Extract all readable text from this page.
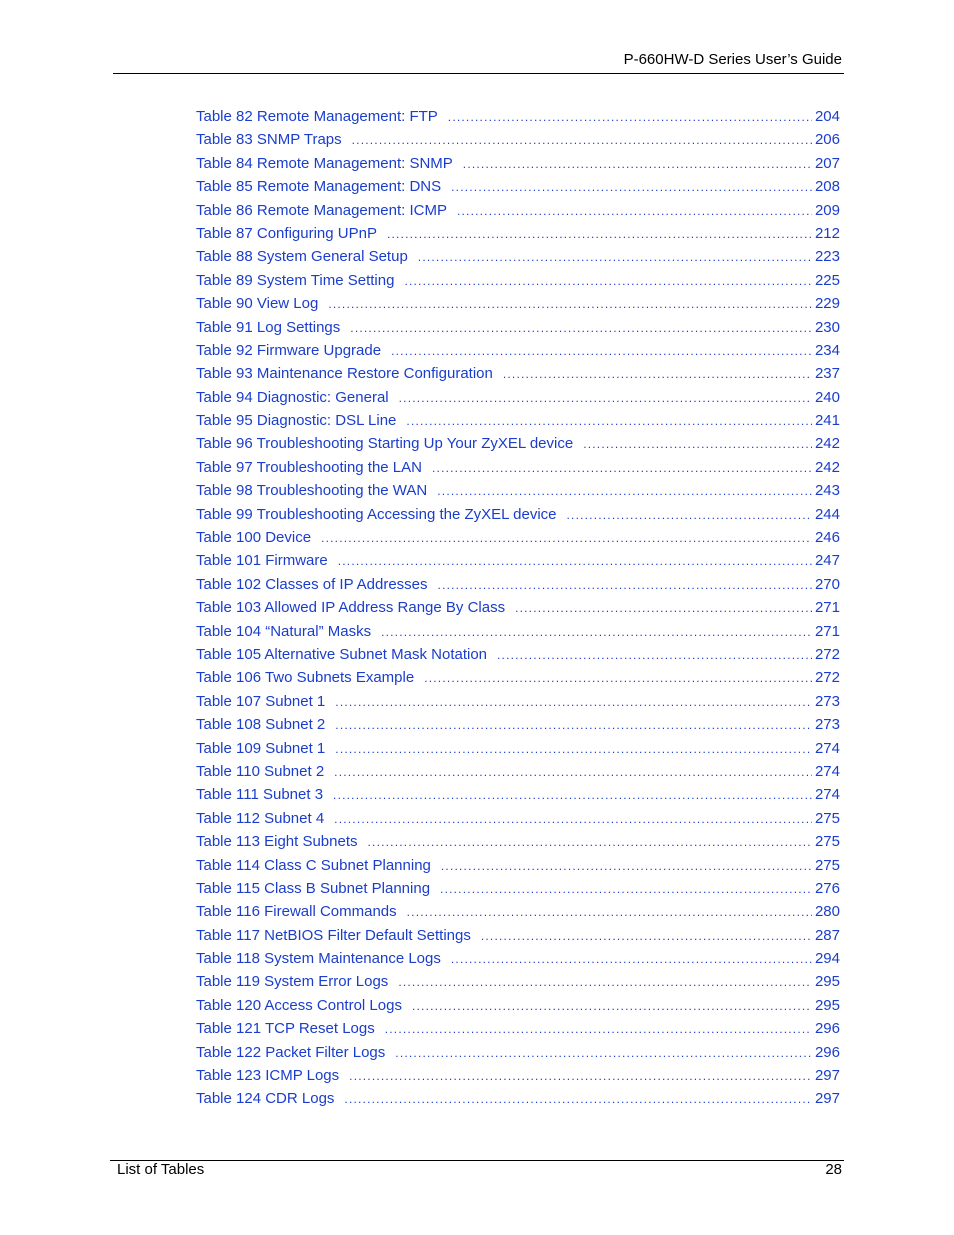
P-660HW-D Series User’s Guide
Table 82 Remote Management: FTP .....	204
Table 83 SNMP Traps .....	206
Table 84 Remote Management: SNMP .....	207
Table 85 Remote Management: DNS .....	208
Table 86 Remote Management: ICMP .....	209
Table 87 Configuring UPnP .....	212
Table 88 System General Setup .....	223
Table 89 System Time Setting .....	225
Table 90 View Log .....	229
Table 91 Log Settings .....	230
Table 92 Firmware Upgrade .....	234
Table 93 Maintenance Restore Configuration .....	237
Table 94 Diagnostic: General .....	240
Table 95 Diagnostic: DSL Line .....	241
Table 96 Troubleshooting Starting Up Your ZyXEL device .....	242
Table 97 Troubleshooting the LAN .....	242
Table 98 Troubleshooting the WAN .....	243
Table 99 Troubleshooting Accessing the ZyXEL device .....	244
Table 100 Device .....	246
Table 101 Firmware .....	247
Table 102 Classes of IP Addresses .....	270
Table 103 Allowed IP Address Range By Class .....	271
Table 104 “Natural” Masks .....	271
Table 105 Alternative Subnet Mask Notation .....	272
Table 106 Two Subnets Example .....	272
Table 107 Subnet 1 .....	273
Table 108 Subnet 2 .....	273
Table 109 Subnet 1 .....	274
Table 110 Subnet 2 .....	274
Table 111 Subnet 3 .....	274
Table 112 Subnet 4 .....	275
Table 113 Eight Subnets .....	275
Table 114 Class C Subnet Planning .....	275
Table 115 Class B Subnet Planning .....	276
Table 116 Firewall Commands .....	280
Table 117 NetBIOS Filter Default Settings .....	287
Table 118 System Maintenance Logs .....	294
Table 119 System Error Logs .....	295
Table 120 Access Control Logs .....	295
Table 121 TCP Reset Logs .....	296
Table 122 Packet Filter Logs .....	296
Table 123 ICMP Logs .....	297
Table 124 CDR Logs .....	297
List of Tables	28
